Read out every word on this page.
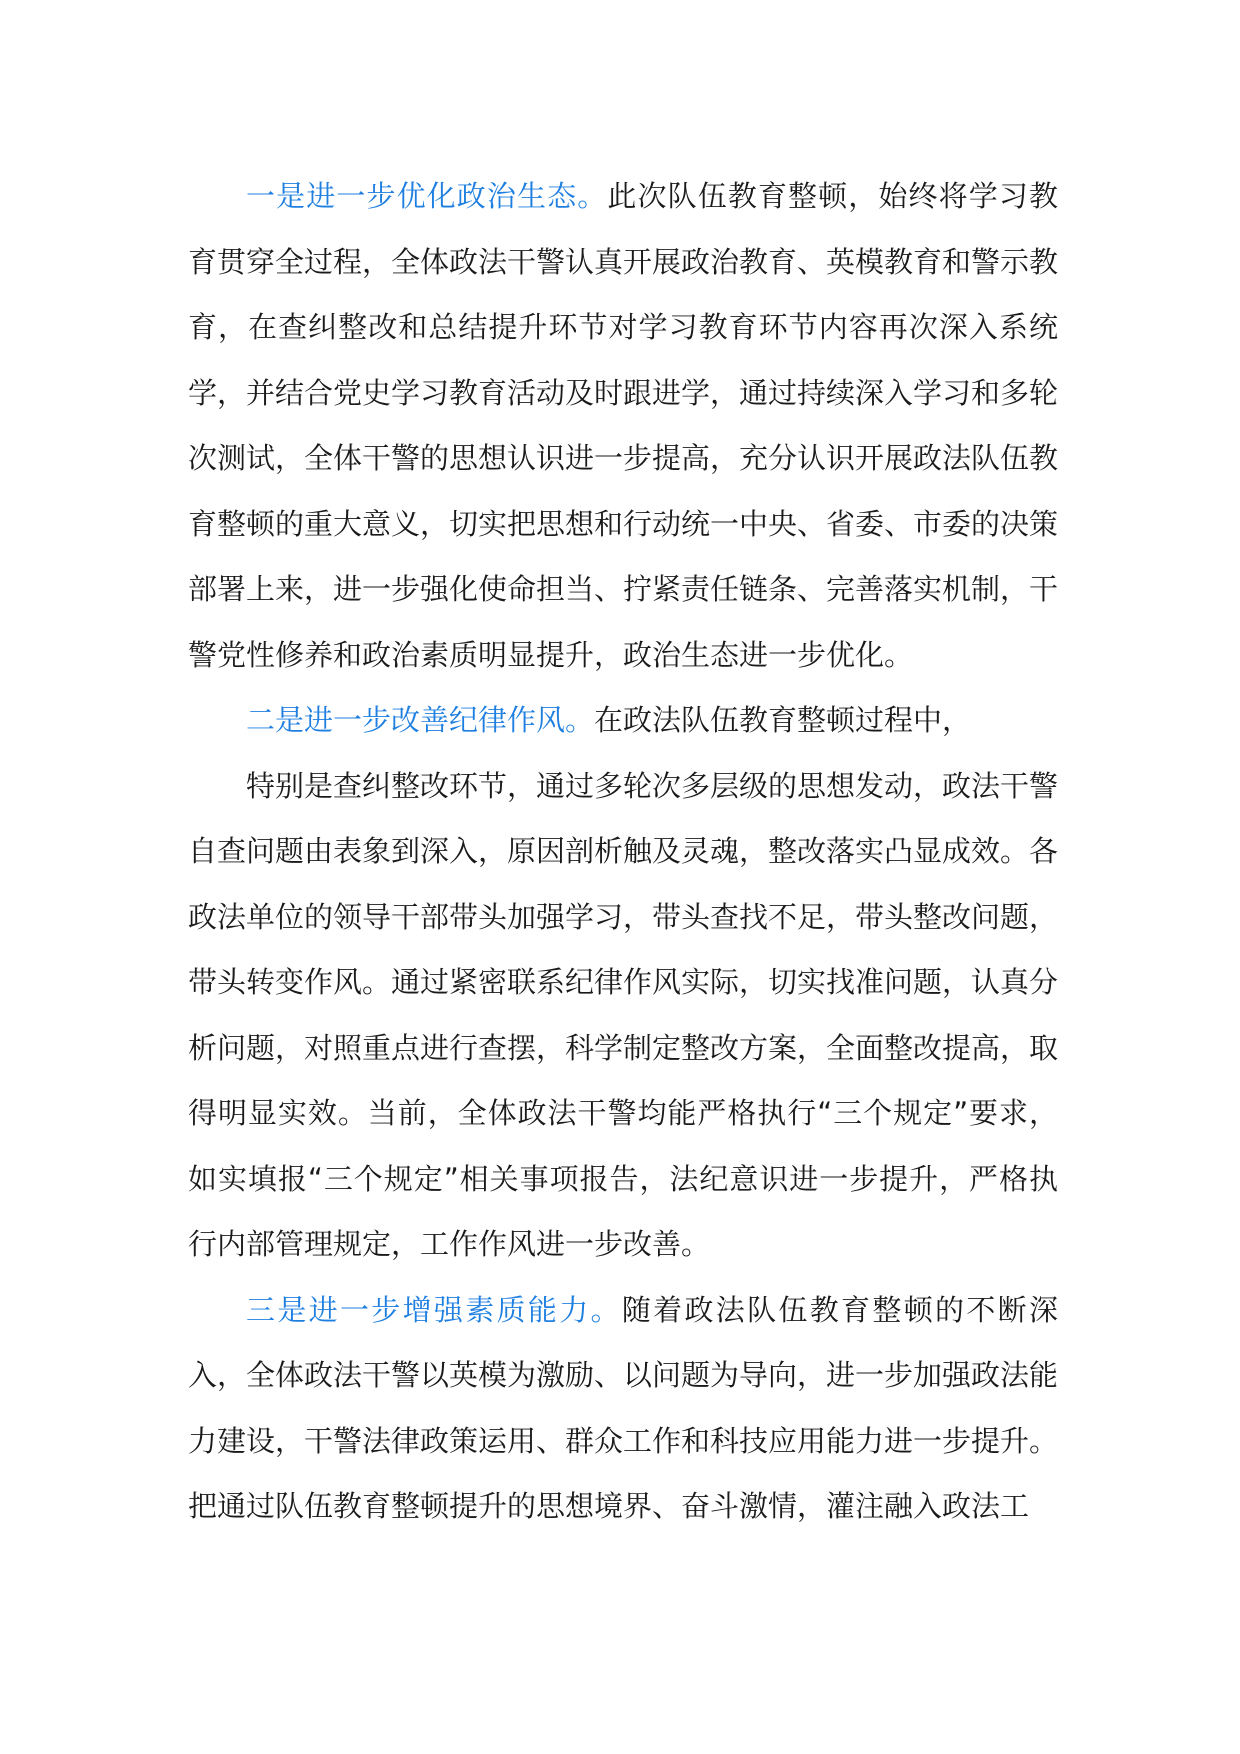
一是进一步优化政治生态。此次队伍教育整顿，始终将学习教育贯穿全过程，全体政法干警认真开展政治教育、英模教育和警示教育，在查纠整改和总结提升环节对学习教育环节内容再次深入系统学，并结合党史学习教育活动及时跟进学，通过持续深入学习和多轮次测试，全体干警的思想认识进一步提高，充分认识开展政法队伍教育整顿的重大意义，切实把思想和行动统一中央、省委、市委的决策部署上来，进一步强化使命担当、拧紧责任链条、完善落实机制，干警党性修养和政治素质明显提升，政治生态进一步优化。

二是进一步改善纪律作风。在政法队伍教育整顿过程中，

特别是查纠整改环节，通过多轮次多层级的思想发动，政法干警自查问题由表象到深入，原因剖析触及灵魂，整改落实凸显成效。各政法单位的领导干部带头加强学习，带头查找不足，带头整改问题，带头转变作风。通过紧密联系纪律作风实际，切实找准问题，认真分析问题，对照重点进行查摆，科学制定整改方案，全面整改提高，取得明显实效。当前，全体政法干警均能严格执行“三个规定”要求，如实填报“三个规定”相关事项报告，法纪意识进一步提升，严格执行内部管理规定，工作作风进一步改善。

三是进一步增强素质能力。随着政法队伍教育整顿的不断深入，全体政法干警以英模为激励、以问题为导向，进一步加强政法能力建设，干警法律政策运用、群众工作和科技应用能力进一步提升。把通过队伍教育整顿提升的思想境界、奋斗激情，灌注融入政法工
